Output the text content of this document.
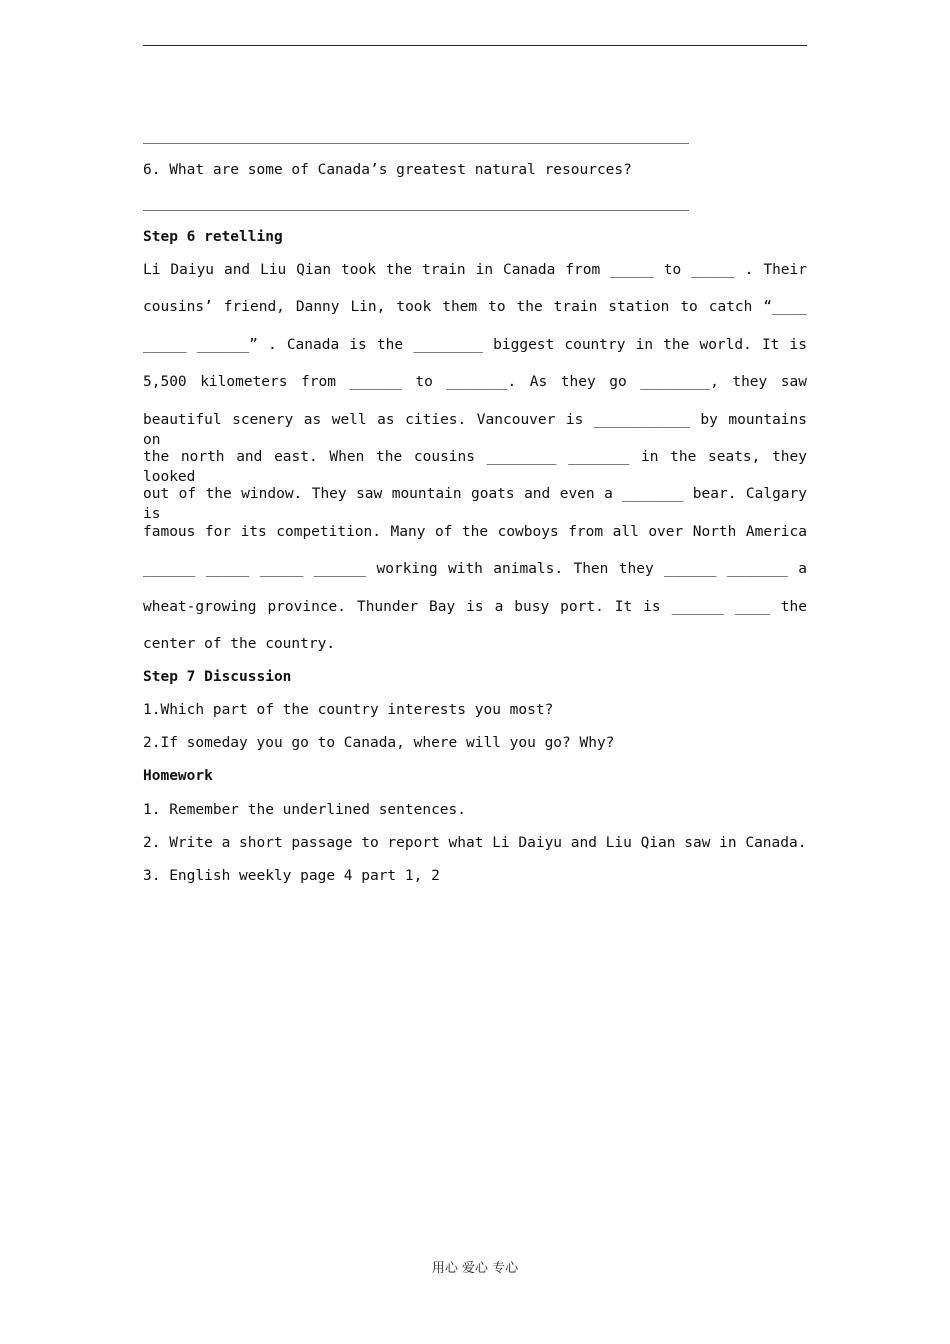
6. What are some of Canada’s greatest natural resources?
Step 6 retelling
Li Daiyu and Liu Qian took the train in Canada from _____ to _____ . Their
cousins’ friend, Danny Lin, took them to the train station to catch “____
_____ ______” . Canada is the ________ biggest country in the world. It is
5,500 kilometers from ______ to _______. As they go ________, they saw
beautiful scenery as well as cities. Vancouver is ___________ by mountains on
the north and east. When the cousins ________ _______ in the seats, they looked
out of the window. They saw mountain goats and even a _______ bear. Calgary is
famous for its competition. Many of the cowboys from all over North America
______ _____ _____ ______ working with animals. Then they ______ _______ a
wheat-growing province. Thunder Bay is a busy port. It is ______ ____ the
center of the country.
Step 7 Discussion
1.Which part of the country interests you most?
2.If someday you go to Canada, where will you go? Why?
Homework
1. Remember the underlined sentences.
2. Write a short passage to report what Li Daiyu and Liu Qian saw in Canada.
3. English weekly page 4 part 1, 2
用心 爱心 专心
